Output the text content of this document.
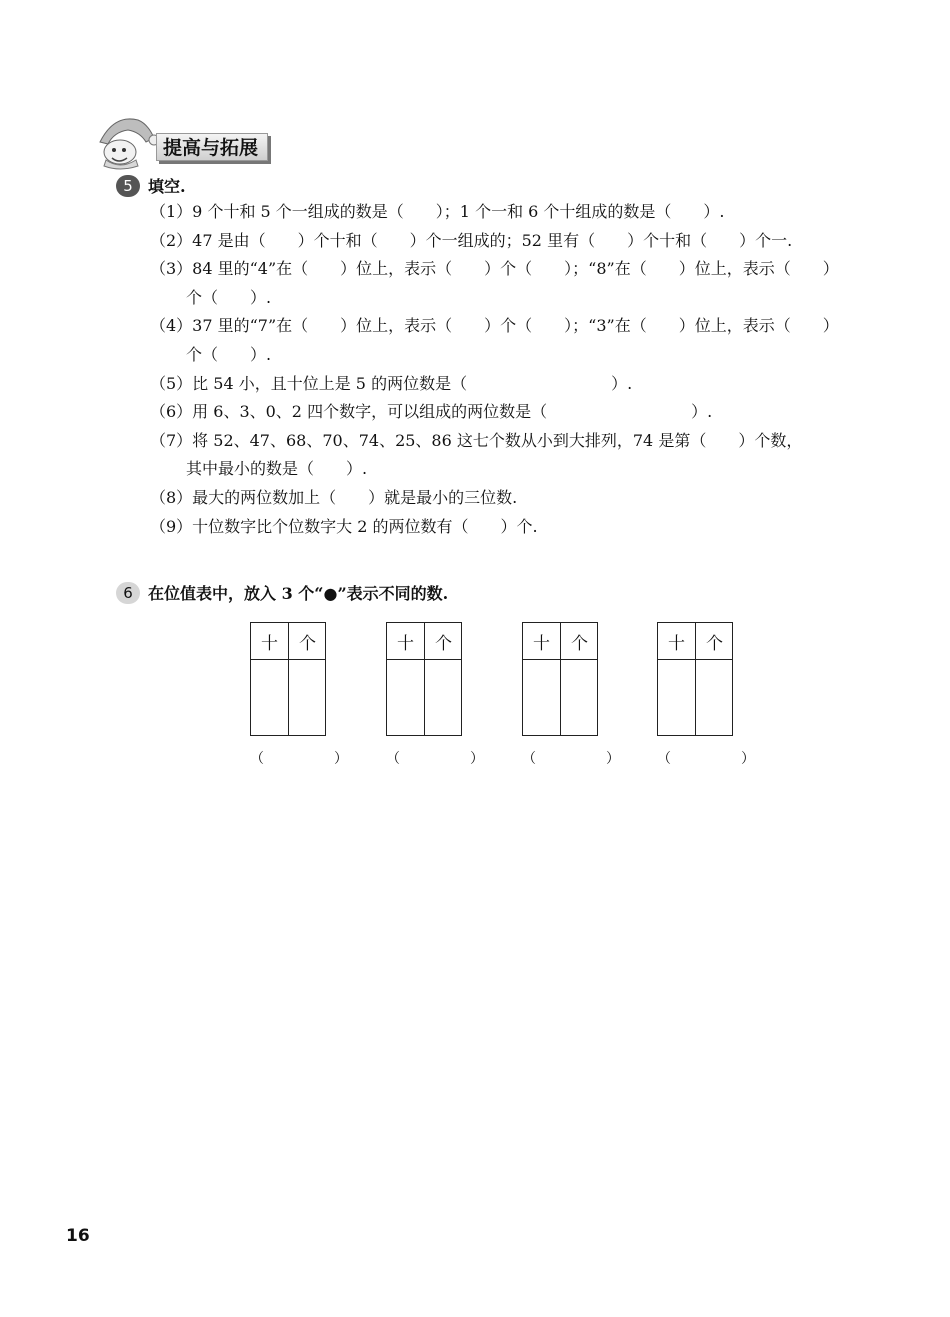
提高与拓展
5 填空.
（1）9 个十和 5 个一组成的数是（　　）；1 个一和 6 个十组成的数是（　　）.
（2）47 是由（　　）个十和（　　）个一组成的；52 里有（　　）个十和（　　）个一.
（3）84 里的“4”在（　　）位上，表示（　　）个（　　）；“8”在（　　）位上，表示（　　）
个（　　）.
（4）37 里的“7”在（　　）位上，表示（　　）个（　　）；“3”在（　　）位上，表示（　　）
个（　　）.
（5）比 54 小，且十位上是 5 的两位数是（　　　　　　　　　）.
（6）用 6、3、0、2 四个数字，可以组成的两位数是（　　　　　　　　　）.
（7）将 52、47、68、70、74、25、86 这七个数从小到大排列，74 是第（　　）个数，
其中最小的数是（　　）.
（8）最大的两位数加上（　　）就是最小的三位数.
（9）十位数字比个位数字大 2 的两位数有（　　）个.
6 在位值表中，放入 3 个“●”表示不同的数.
十	个
（　）
十	个
（　）
十	个
（　）
十	个
（　）
16
